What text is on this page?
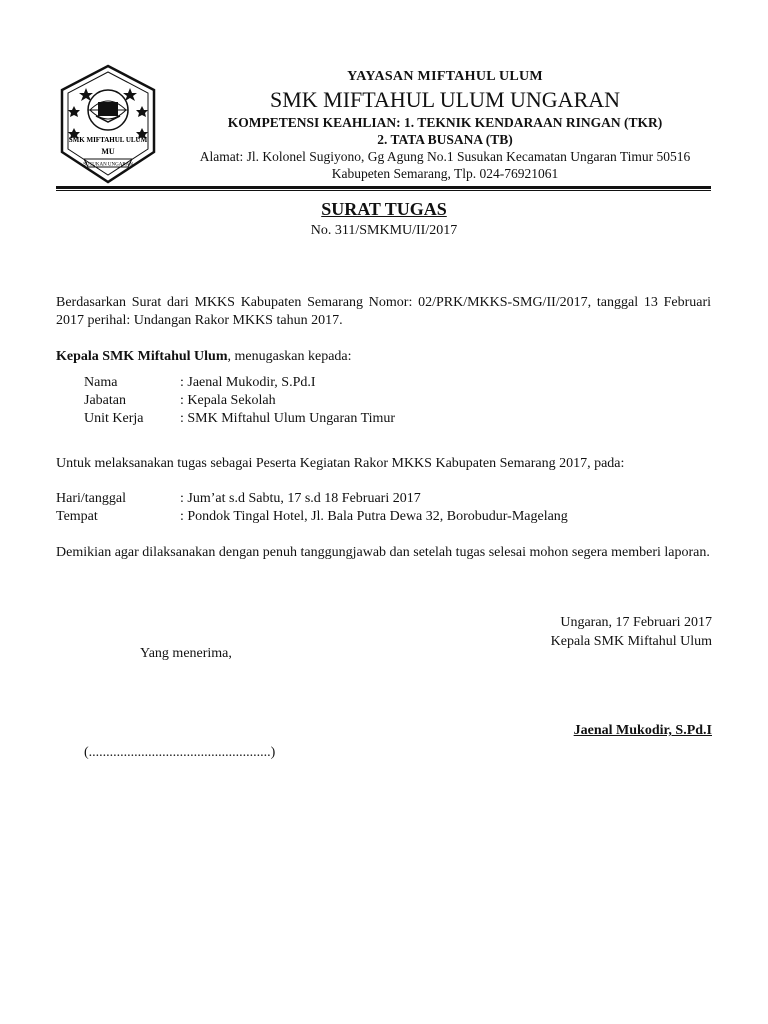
SMK MIFTAHUL ULUM
MU
SUSUKAN UNGARAN
YAYASAN MIFTAHUL ULUM
SMK MIFTAHUL ULUM UNGARAN
KOMPETENSI KEAHLIAN: 1. TEKNIK KENDARAAN RINGAN (TKR)
2. TATA BUSANA (TB)
Alamat: Jl. Kolonel Sugiyono, Gg Agung No.1 Susukan Kecamatan Ungaran Timur 50516
Kabupeten Semarang, Tlp. 024-76921061
SURAT TUGAS
No. 311/SMKMU/II/2017
Berdasarkan Surat dari MKKS Kabupaten Semarang Nomor: 02/PRK/MKKS-SMG/II/2017, tanggal 13 Februari 2017 perihal: Undangan Rakor MKKS tahun 2017.
Kepala SMK Miftahul Ulum, menugaskan kepada:
Nama	: Jaenal Mukodir, S.Pd.I
Jabatan	: Kepala Sekolah
Unit Kerja	: SMK Miftahul Ulum Ungaran Timur
Untuk melaksanakan tugas sebagai Peserta Kegiatan Rakor MKKS Kabupaten Semarang 2017, pada:
Hari/tanggal	: Jum’at s.d Sabtu, 17 s.d 18 Februari 2017
Tempat	: Pondok Tingal Hotel, Jl. Bala Putra Dewa 32, Borobudur-Magelang
Demikian agar dilaksanakan dengan penuh tanggungjawab dan setelah tugas selesai mohon segera memberi laporan.
Ungaran, 17 Februari 2017
Kepala SMK Miftahul Ulum
Yang menerima,
Jaenal Mukodir, S.Pd.I
(....................................................)
